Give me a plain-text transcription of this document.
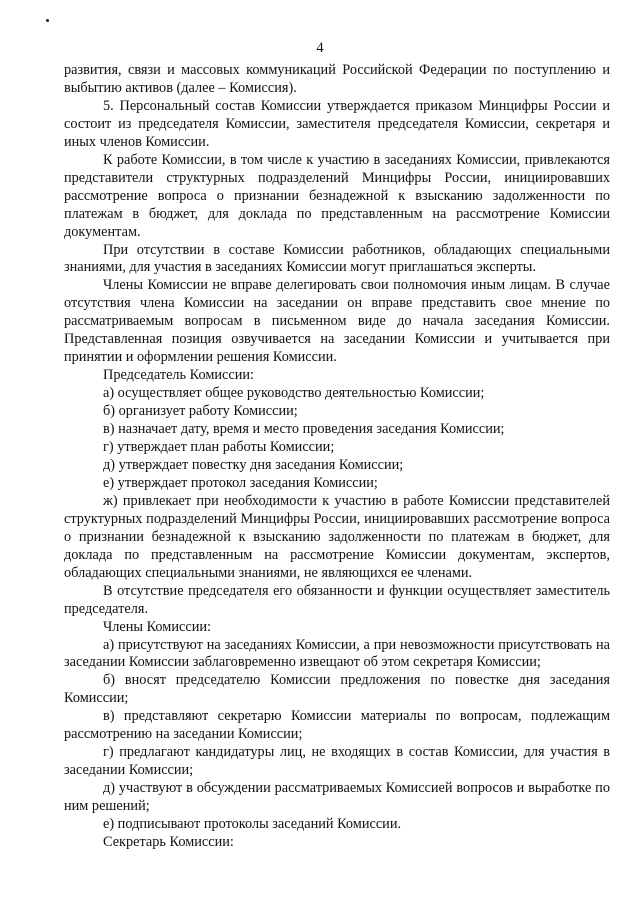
4

развития, связи и массовых коммуникаций Российской Федерации по поступлению и выбытию активов (далее – Комиссия).

5. Персональный состав Комиссии утверждается приказом Минцифры России и состоит из председателя Комиссии, заместителя председателя Комиссии, секретаря и иных членов Комиссии.

К работе Комиссии, в том числе к участию в заседаниях Комиссии, привлекаются представители структурных подразделений Минцифры России, инициировавших рассмотрение вопроса о признании безнадежной к взысканию задолженности по платежам в бюджет, для доклада по представленным на рассмотрение Комиссии документам.

При отсутствии в составе Комиссии работников, обладающих специальными знаниями, для участия в заседаниях Комиссии могут приглашаться эксперты.

Члены Комиссии не вправе делегировать свои полномочия иным лицам. В случае отсутствия члена Комиссии на заседании он вправе представить свое мнение по рассматриваемым вопросам в письменном виде до начала заседания Комиссии. Представленная позиция озвучивается на заседании Комиссии и учитывается при принятии и оформлении решения Комиссии.

Председатель Комиссии:

а) осуществляет общее руководство деятельностью Комиссии;

б) организует работу Комиссии;

в) назначает дату, время и место проведения заседания Комиссии;

г) утверждает план работы Комиссии;

д) утверждает повестку дня заседания Комиссии;

е) утверждает протокол заседания Комиссии;

ж) привлекает при необходимости к участию в работе Комиссии представителей структурных подразделений Минцифры России, инициировавших рассмотрение вопроса о признании безнадежной к взысканию задолженности по платежам в бюджет, для доклада по представленным на рассмотрение Комиссии документам, экспертов, обладающих специальными знаниями, не являющихся ее членами.

В отсутствие председателя его обязанности и функции осуществляет заместитель председателя.

Члены Комиссии:

а) присутствуют на заседаниях Комиссии, а при невозможности присутствовать на заседании Комиссии заблаговременно извещают об этом секретаря Комиссии;

б) вносят председателю Комиссии предложения по повестке дня заседания Комиссии;

в) представляют секретарю Комиссии материалы по вопросам, подлежащим рассмотрению на заседании Комиссии;

г) предлагают кандидатуры лиц, не входящих в состав Комиссии, для участия в заседании Комиссии;

д) участвуют в обсуждении рассматриваемых Комиссией вопросов и выработке по ним решений;

е) подписывают протоколы заседаний Комиссии.

Секретарь Комиссии:
